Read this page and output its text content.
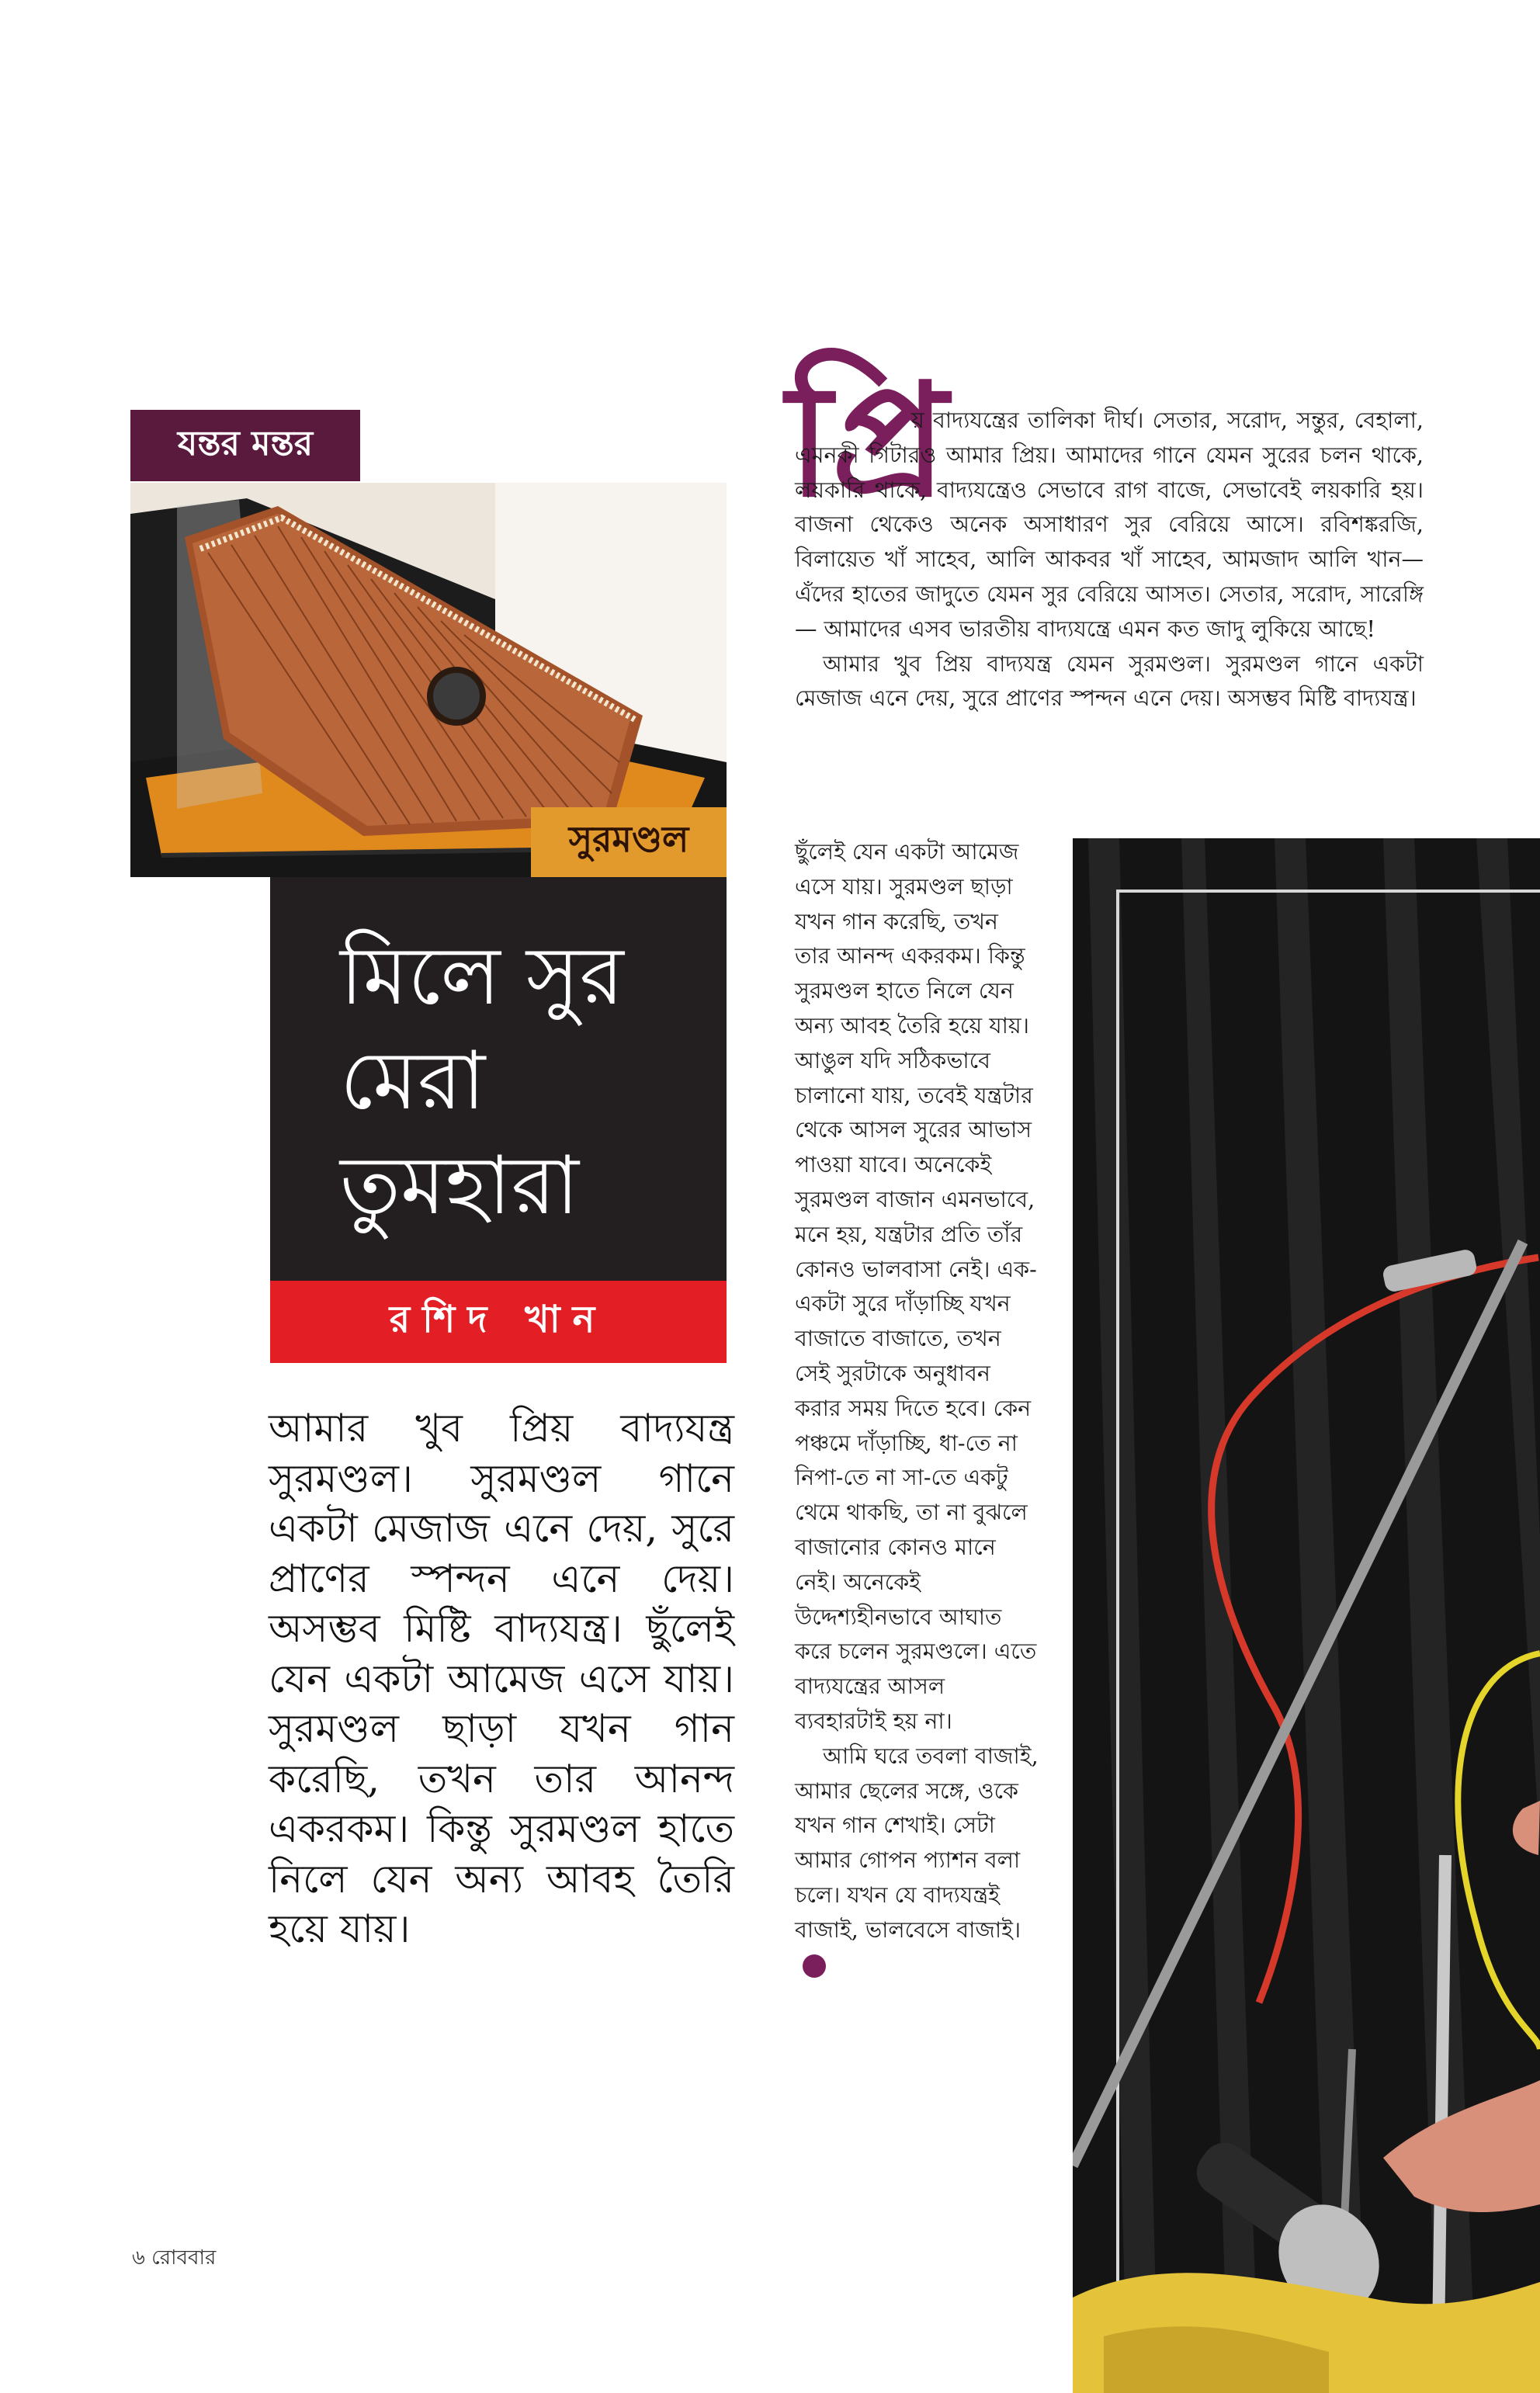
যন্তর মন্তর
সুরমণ্ডল
মিলে সুর
মেরা
তুমহারা
রশিদ খান
আমার খুব প্রিয় বাদ্যযন্ত্র সুরমণ্ডল। সুরমণ্ডল গানে একটা মেজাজ এনে দেয়, সুরে প্রাণের স্পন্দন এনে দেয়। অসম্ভব মিষ্টি বাদ্যযন্ত্র। ছুঁলেই যেন একটা আমেজ এসে যায়। সুরমণ্ডল ছাড়া যখন গান করেছি, তখন তার আনন্দ একরকম। কিন্তু সুরমণ্ডল হাতে নিলে যেন অন্য আবহ তৈরি হয়ে যায়।
প্রি

য় বাদ্যযন্ত্রের তালিকা দীর্ঘ। সেতার, সরোদ, সন্তুর, বেহালা, এমনকী গিটারও আমার প্রিয়। আমাদের গানে যেমন সুরের চলন থাকে, লয়কারি থাকে, বাদ্যযন্ত্রেও সেভাবে রাগ বাজে, সেভাবেই লয়কারি হয়। বাজনা থেকেও অনেক অসাধারণ সুর বেরিয়ে আসে। রবিশঙ্করজি, বিলায়েত খাঁ সাহেব, আলি আকবর খাঁ সাহেব, আমজাদ আলি খান— এঁদের হাতের জাদুতে যেমন সুর বেরিয়ে আসত। সেতার, সরোদ, সারেঙ্গি— আমাদের এসব ভারতীয় বাদ্যযন্ত্রে এমন কত জাদু লুকিয়ে আছে!

আমার খুব প্রিয় বাদ্যযন্ত্র যেমন সুরমণ্ডল। সুরমণ্ডল গানে একটা মেজাজ এনে দেয়, সুরে প্রাণের স্পন্দন এনে দেয়। অসম্ভব মিষ্টি বাদ্যযন্ত্র।

ছুঁলেই যেন একটা আমেজ এসে যায়। সুরমণ্ডল ছাড়া যখন গান করেছি, তখন তার আনন্দ একরকম। কিন্তু সুরমণ্ডল হাতে নিলে যেন অন্য আবহ তৈরি হয়ে যায়। আঙুল যদি সঠিকভাবে চালানো যায়, তবেই যন্ত্রটার থেকে আসল সুরের আভাস পাওয়া যাবে। অনেকেই সুরমণ্ডল বাজান এমনভাবে, মনে হয়, যন্ত্রটার প্রতি তাঁর কোনও ভালবাসা নেই। এক-একটা সুরে দাঁড়াচ্ছি যখন বাজাতে বাজাতে, তখন সেই সুরটাকে অনুধাবন করার সময় দিতে হবে। কেন পঞ্চমে দাঁড়াচ্ছি, ধা-তে না নিপা-তে না সা-তে একটু থেমে থাকছি, তা না বুঝলে বাজানোর কোনও মানে নেই। অনেকেই উদ্দেশ্যহীনভাবে আঘাত করে চলেন সুরমণ্ডলে। এতে বাদ্যযন্ত্রের আসল ব্যবহারটাই হয় না।

আমি ঘরে তবলা বাজাই, আমার ছেলের সঙ্গে, ওকে যখন গান শেখাই। সেটা আমার গোপন প্যাশন বলা চলে। যখন যে বাদ্যযন্ত্রই বাজাই, ভালবেসে বাজাই।

৬ রোববার
